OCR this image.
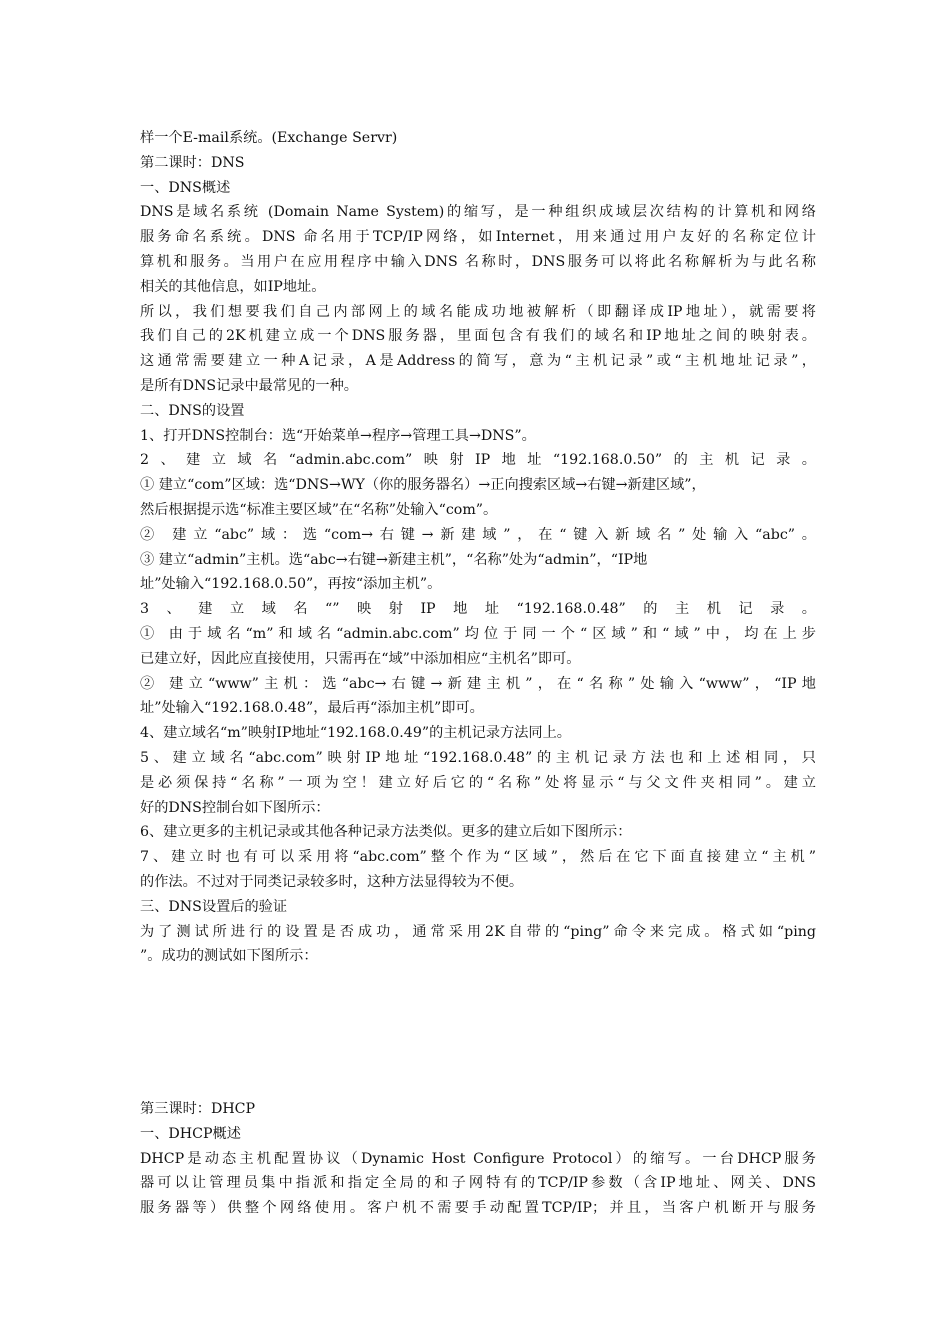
样一个E-mail系统。(Exchange Servr)
第二课时：DNS
一、DNS概述
DNS是域名系统 (Domain Name System)的缩写，是一种组织成域层次结构的计算机和网络
服务命名系统。DNS 命名用于TCP/IP网络，如Internet，用来通过用户友好的名称定位计
算机和服务。当用户在应用程序中输入DNS 名称时，DNS服务可以将此名称解析为与此名称
相关的其他信息，如IP地址。
所以，我们想要我们自己内部网上的域名能成功地被解析（即翻译成IP地址），就需要将
我们自己的2K机建立成一个DNS服务器，里面包含有我们的域名和IP地址之间的映射表。
这通常需要建立一种A记录，A是Address的简写，意为“主机记录”或“主机地址记录”，
是所有DNS记录中最常见的一种。
二、DNS的设置
1、打开DNS控制台：选“开始菜单→程序→管理工具→DNS”。
2、建立域名“admin.abc.com”映射IP地址“192.168.0.50”的主机记录。
① 建立“com”区域：选“DNS→WY（你的服务器名）→正向搜索区域→右键→新建区域”，
然后根据提示选“标准主要区域”在“名称”处输入“com”。
② 建立“abc”域：选“com→右键→新建域”，在“键入新域名”处输入“abc”。
③ 建立“admin”主机。选“abc→右键→新建主机”，“名称”处为“admin”，“IP地
址”处输入“192.168.0.50”，再按“添加主机”。
3、建立域名“”映射IP地址“192.168.0.48”的主机记录。
① 由于域名“m”和域名“admin.abc.com”均位于同一个“区域”和“域”中，均在上步
已建立好，因此应直接使用，只需再在“域”中添加相应“主机名”即可。
② 建立“www”主机：选“abc→右键→新建主机”，在“名称”处输入“www”，“IP地
址”处输入“192.168.0.48”，最后再“添加主机”即可。
4、建立域名“m”映射IP地址“192.168.0.49”的主机记录方法同上。
5、建立域名“abc.com”映射IP地址“192.168.0.48”的主机记录方法也和上述相同，只
是必须保持“名称”一项为空！建立好后它的“名称”处将显示“与父文件夹相同”。建立
好的DNS控制台如下图所示：
6、建立更多的主机记录或其他各种记录方法类似。更多的建立后如下图所示：
7、建立时也有可以采用将“abc.com”整个作为“区域”，然后在它下面直接建立“主机”
的作法。不过对于同类记录较多时，这种方法显得较为不便。
三、DNS设置后的验证
为了测试所进行的设置是否成功，通常采用2K自带的“ping”命令来完成。格式如“ping
”。成功的测试如下图所示：
第三课时：DHCP
一、DHCP概述
DHCP是动态主机配置协议（Dynamic Host Configure Protocol）的缩写。一台DHCP服务
器可以让管理员集中指派和指定全局的和子网特有的TCP/IP参数（含IP地址、网关、DNS
服务器等）供整个网络使用。客户机不需要手动配置TCP/IP；并且，当客户机断开与服务
